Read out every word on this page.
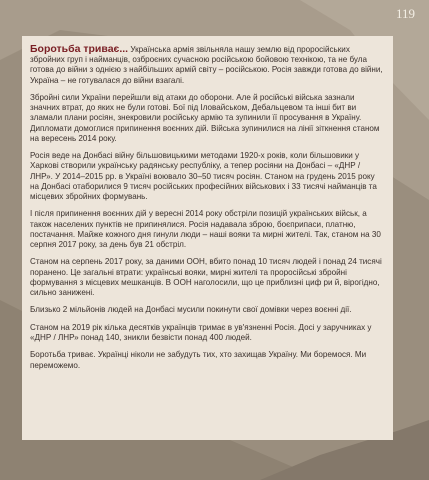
119

Боротьба триває... Українська армія звільняла нашу землю від проросійських збройних груп і найманців, озброєних сучасною російською бойовою технікою, та не була готова до війни з однією з найбільших армій світу – російською. Росія завжди готова до війни, Україна – не готувалася до війни взагалі.

Збройні сили України перейшли від атаки до оборони. Але й російські війська зазнали значних втрат, до яких не були готові. Бої під Іловайськом, Дебальцевом та інші бит ви зламали плани росіян, знекровили російську армію та зупинили її просування в Україну. Дипломати домоглися припинення воєнних дій. Війська зупинилися на лінії зіткнення станом на вересень 2014 року.

Росія веде на Донбасі війну більшовицькими методами 1920-х років, коли більшовики у Харкові створили українську радянську республіку, а тепер росіяни на Донбасі – «ДНР / ЛНР». У 2014–2015 рр. в Україні воювало 30–50 тисяч росіян. Станом на грудень 2015 року на Донбасі отаборилися 9 тисяч російських професійних військових і 33 тисячі найманців та місцевих збройних формувань.

І після припинення воєнних дій у вересні 2014 року обстріли позицій українських військ, а також населених пунктів не припинялися. Росія надавала зброю, боєприпаси, платню, постачання. Майже кожного дня гинули люди – наші вояки та мирні жителі. Так, станом на 30 серпня 2017 року, за день був 21 обстріл.

Станом на серпень 2017 року, за даними ООН, вбито понад 10 тисяч людей і понад 24 тисячі поранено. Це загальні втрати: українські вояки, мирні жителі та проросійські збройні формування з місцевих мешканців. В ООН наголосили, що це приблизні циф ри й, вірогідно, сильно занижені.

Близько 2 мільйонів людей на Донбасі мусили покинути свої домівки через воєнні дії.

Станом на 2019 рік кілька десятків українців тримає в ув'язненні Росія. Досі у заручниках у «ДНР / ЛНР» понад 140, зникли безвісти понад 400 людей.

Боротьба триває. Українці ніколи не забудуть тих, хто захищав Україну. Ми боремося. Ми переможемо.
